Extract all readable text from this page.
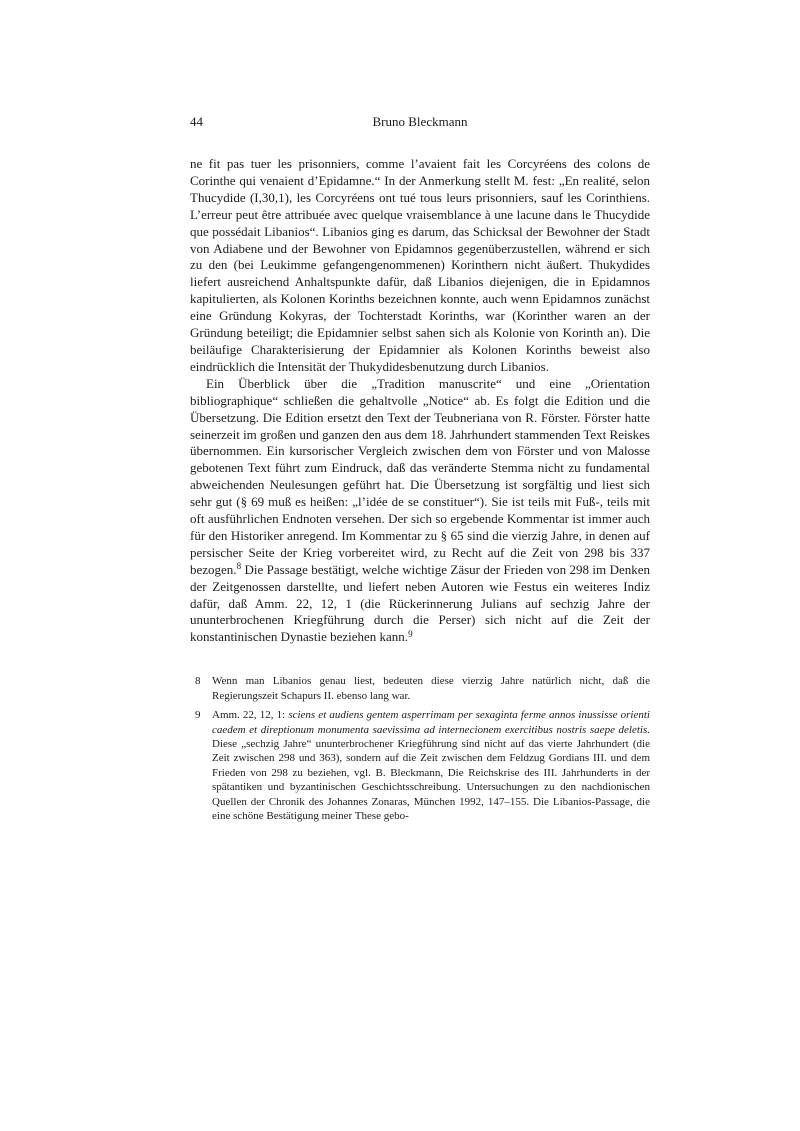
44	Bruno Bleckmann

ne fit pas tuer les prisonniers, comme l’avaient fait les Corcyréens des colons de Corinthe qui venaient d’Epidamne.“ In der Anmerkung stellt M. fest: „En realité, selon Thucydide (I,30,1), les Corcyréens ont tué tous leurs prisonniers, sauf les Corinthiens. L’erreur peut être attribuée avec quelque vraisemblance à une lacune dans le Thucydide que possédait Libanios“. Libanios ging es darum, das Schicksal der Bewohner der Stadt von Adiabene und der Bewohner von Epidamnos gegenüberzustellen, während er sich zu den (bei Leukimme gefangengenommenen) Korinthern nicht äußert. Thukydides liefert ausreichend Anhaltspunkte dafür, daß Libanios diejenigen, die in Epidamnos kapitulierten, als Kolonen Korinths bezeichnen konnte, auch wenn Epidamnos zunächst eine Gründung Kokyras, der Tochterstadt Korinths, war (Korinther waren an der Gründung beteiligt; die Epidamnier selbst sahen sich als Kolonie von Korinth an). Die beiläufige Charakterisierung der Epidamnier als Kolonen Korinths beweist also eindrücklich die Intensität der Thukydidesbenutzung durch Libanios.

Ein Überblick über die „Tradition manuscrite“ und eine „Orientation bibliographique“ schließen die gehaltvolle „Notice“ ab. Es folgt die Edition und die Übersetzung. Die Edition ersetzt den Text der Teubneriana von R. Förster. Förster hatte seinerzeit im großen und ganzen den aus dem 18. Jahrhundert stammenden Text Reiskes übernommen. Ein kursorischer Vergleich zwischen dem von Förster und von Malosse gebotenen Text führt zum Eindruck, daß das veränderte Stemma nicht zu fundamental abweichenden Neulesungen geführt hat. Die Übersetzung ist sorgfältig und liest sich sehr gut (§ 69 muß es heißen: „l’idée de se constituer“). Sie ist teils mit Fuß-, teils mit oft ausführlichen Endnoten versehen. Der sich so ergebende Kommentar ist immer auch für den Historiker anregend. Im Kommentar zu § 65 sind die vierzig Jahre, in denen auf persischer Seite der Krieg vorbereitet wird, zu Recht auf die Zeit von 298 bis 337 bezogen.$^8$ Die Passage bestätigt, welche wichtige Zäsur der Frieden von 298 im Denken der Zeitgenossen darstellte, und liefert neben Autoren wie Festus ein weiteres Indiz dafür, daß Amm. 22, 12, 1 (die Rückerinnerung Julians auf sechzig Jahre der ununterbrochenen Kriegführung durch die Perser) sich nicht auf die Zeit der konstantinischen Dynastie beziehen kann.$^9$

8 Wenn man Libanios genau liest, bedeuten diese vierzig Jahre natürlich nicht, daß die Regierungszeit Schapurs II. ebenso lang war.
9 Amm. 22, 12, 1: sciens et audiens gentem asperrimam per sexaginta ferme annos inussisse orienti caedem et direptionum monumenta saevissima ad internecionem exercitibus nostris saepe deletis. Diese „sechzig Jahre“ ununterbrochener Kriegführung sind nicht auf das vierte Jahrhundert (die Zeit zwischen 298 und 363), sondern auf die Zeit zwischen dem Feldzug Gordians III. und dem Frieden von 298 zu beziehen, vgl. B. Bleckmann, Die Reichskrise des III. Jahrhunderts in der spätantiken und byzantinischen Geschichtsschreibung. Untersuchungen zu den nachdionischen Quellen der Chronik des Johannes Zonaras, München 1992, 147–155. Die Libanios-Passage, die eine schöne Bestätigung meiner These gebo-
